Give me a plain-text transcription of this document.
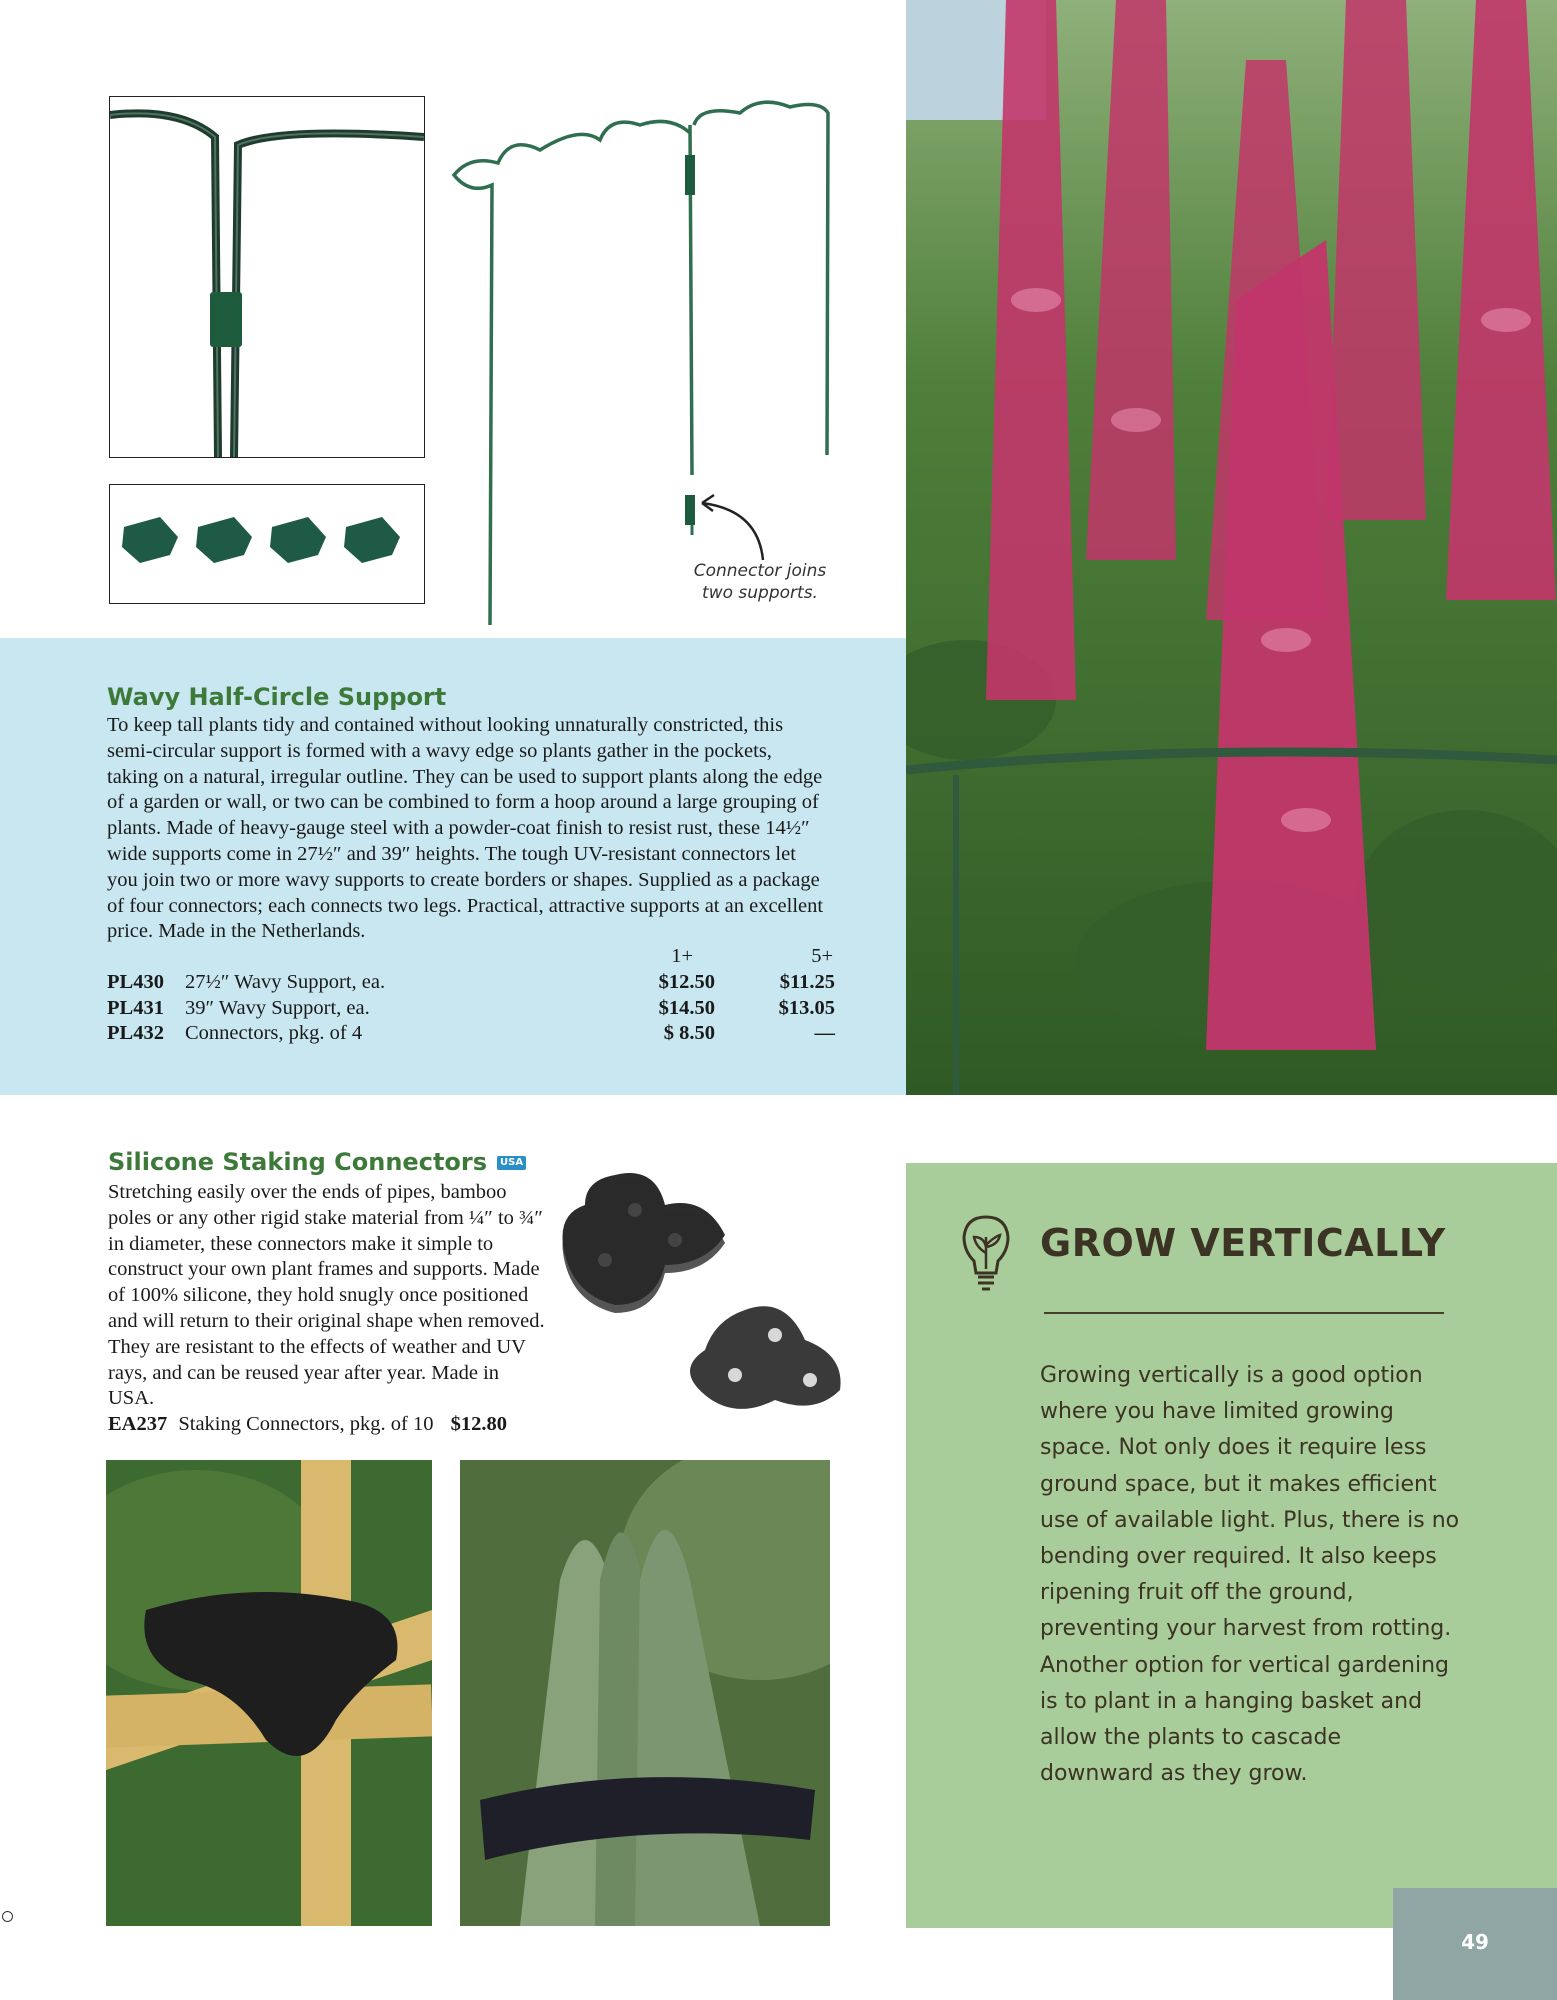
Connector joins two supports.
Wavy Half-Circle Support
To keep tall plants tidy and contained without looking unnaturally constricted, this semi-circular support is formed with a wavy edge so plants gather in the pockets, taking on a natural, irregular outline. They can be used to support plants along the edge of a garden or wall, or two can be combined to form a hoop around a large grouping of plants. Made of heavy-gauge steel with a powder-coat finish to resist rust, these 14½″ wide supports come in 27½″ and 39″ heights. The tough UV-resistant connectors let you join two or more wavy supports to create borders or shapes. Supplied as a package of four connectors; each connects two legs. Practical, attractive supports at an excellent price. Made in the Netherlands.
1+	5+
PL430 27½″ Wavy Support, ea.	$12.50	$11.25
PL431 39″ Wavy Support, ea.	$14.50	$13.05
PL432 Connectors, pkg. of 4	$ 8.50	—
Silicone Staking Connectors USA
Stretching easily over the ends of pipes, bamboo poles or any other rigid stake material from ¼″ to ¾″ in diameter, these connectors make it simple to construct your own plant frames and supports. Made of 100% silicone, they hold snugly once positioned and will return to their original shape when removed. They are resistant to the effects of weather and UV rays, and can be reused year after year. Made in USA.
EA237 Staking Connectors, pkg. of 10 $12.80
GROW VERTICALLY
Growing vertically is a good option where you have limited growing space. Not only does it require less ground space, but it makes efficient use of available light. Plus, there is no bending over required. It also keeps ripening fruit off the ground, preventing your harvest from rotting. Another option for vertical gardening is to plant in a hanging basket and allow the plants to cascade downward as they grow.
49
